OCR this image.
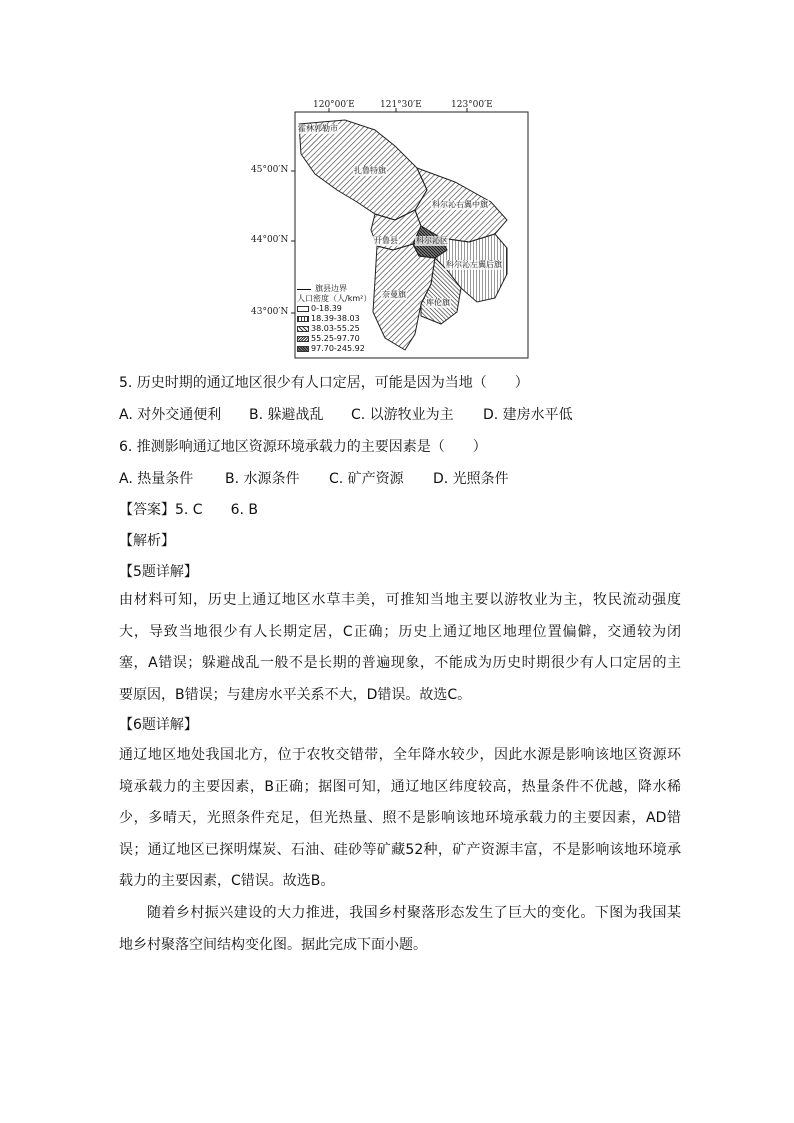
120°00′E	121°30′E	123°00′E
45°00′N
44°00′N
43°00′N
霍林郭勒市
扎鲁特旗
科尔沁右翼中旗
开鲁县 科尔沁区
科尔沁左翼后旗
奈曼旗
库伦旗
旗县边界
人口密度（人/km²）
0-18.39
18.39-38.03
38.03-55.25
55.25-97.70
97.70-245.92
5. 历史时期的通辽地区很少有人口定居，可能是因为当地（　　）
A. 对外交通便利 B. 躲避战乱 C. 以游牧业为主 D. 建房水平低
6. 推测影响通辽地区资源环境承载力的主要因素是（　　）
A. 热量条件 B. 水源条件 C. 矿产资源 D. 光照条件
【答案】5. C　　6. B
【解析】
【5题详解】
由材料可知，历史上通辽地区水草丰美，可推知当地主要以游牧业为主，牧民流动强度
大，导致当地很少有人长期定居，C正确；历史上通辽地区地理位置偏僻，交通较为闭
塞，A错误；躲避战乱一般不是长期的普遍现象，不能成为历史时期很少有人口定居的主
要原因，B错误；与建房水平关系不大，D错误。故选C。
【6题详解】
通辽地区地处我国北方，位于农牧交错带，全年降水较少，因此水源是影响该地区资源环
境承载力的主要因素，B正确；据图可知，通辽地区纬度较高，热量条件不优越，降水稀
少，多晴天，光照条件充足，但光热量、照不是影响该地环境承载力的主要因素，AD错
误；通辽地区已探明煤炭、石油、硅砂等矿藏52种，矿产资源丰富，不是影响该地环境承
载力的主要因素，C错误。故选B。
随着乡村振兴建设的大力推进，我国乡村聚落形态发生了巨大的变化。下图为我国某
地乡村聚落空间结构变化图。据此完成下面小题。
